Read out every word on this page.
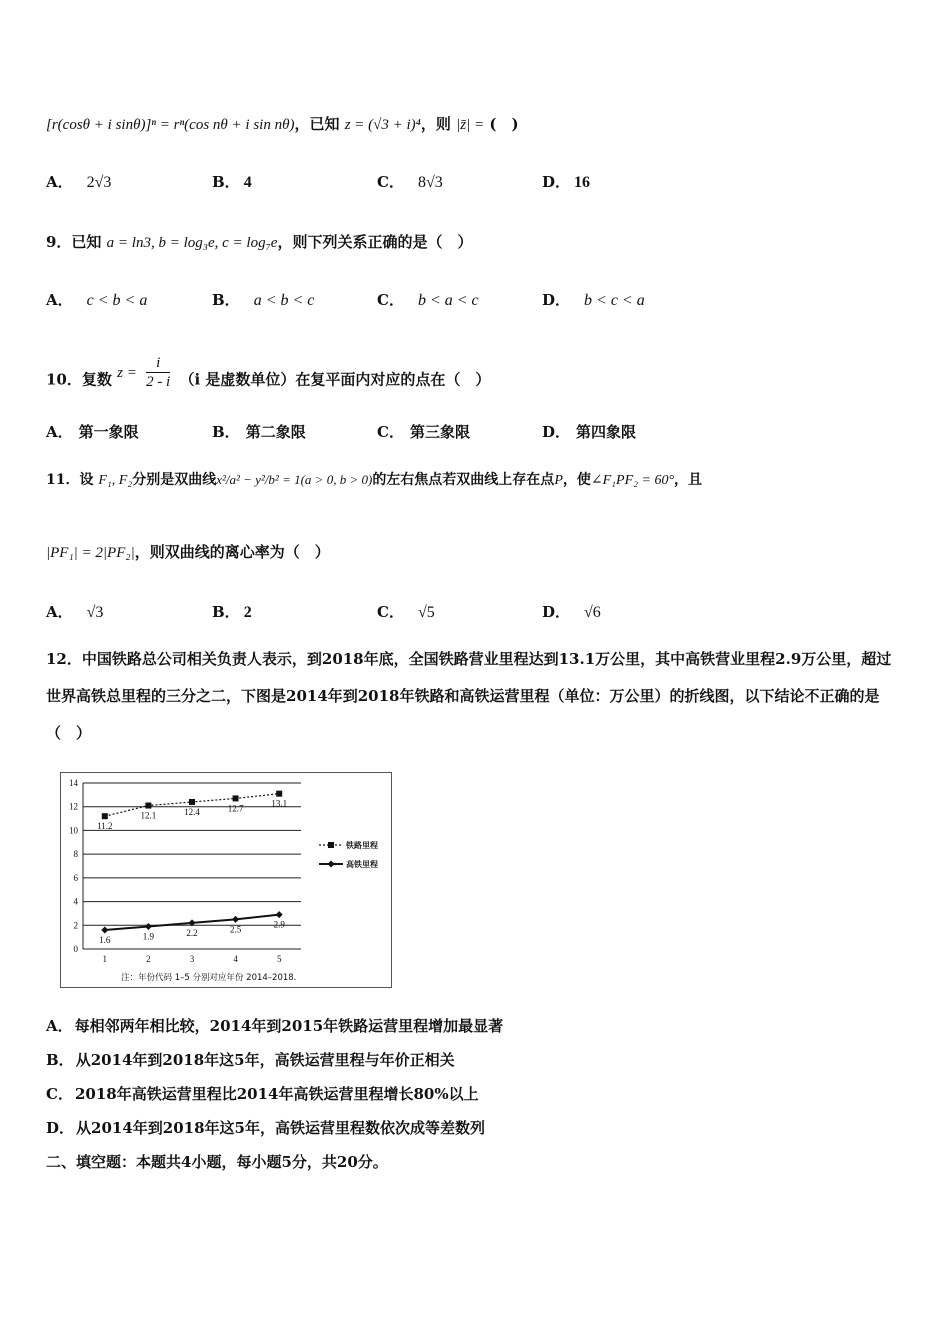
[r(cosθ + i sinθ)]ⁿ = rⁿ(cos nθ + i sin nθ)，已知 z = (√3 + i)⁴，则 |z̄| = (　)
A． 2√3	B． 4	C． 8√3	D． 16
9．已知 a = ln3, b = log₃e, c = log₇e，则下列关系正确的是（　）
A． c < b < a	B． a < b < c	C． b < a < c	D． b < c < a
10．复数 $z = \frac{i}{2 - i} (i$ 是虚数单位）在复平面内对应的点在（　）
A． 第一象限	B． 第二象限	C． 第三象限	D． 第四象限
11．设 F₁, F₂分别是双曲线x²/a² − y²/b² = 1(a > 0, b > 0)的左右焦点若双曲线上存在点P，使∠F₁PF₂ = 60°，且
|PF₁| = 2|PF₂|，则双曲线的离心率为（　）
A． √3	B． 2	C． √5	D． √6
12．中国铁路总公司相关负责人表示，到2018年底，全国铁路营业里程达到13.1万公里，其中高铁营业里程2.9万公里，超过世界高铁总里程的三分之二，下图是2014年到2018年铁路和高铁运营里程（单位：万公里）的折线图，以下结论不正确的是（　）
0
2
4
6
8
10
12
14
1	2	3	4	5
11.2
12.1	12.4	12.7	13.1
1.6	1.9	2.2	2.5	2.9
铁路里程
高铁里程
注：年份代码 1–5 分别对应年份 2014–2018.
A． 每相邻两年相比较，2014年到2015年铁路运营里程增加最显著
B． 从2014年到2018年这5年，高铁运营里程与年价正相关
C． 2018年高铁运营里程比2014年高铁运营里程增长80%以上
D． 从2014年到2018年这5年，高铁运营里程数依次成等差数列
二、填空题：本题共4小题，每小题5分，共20分。
